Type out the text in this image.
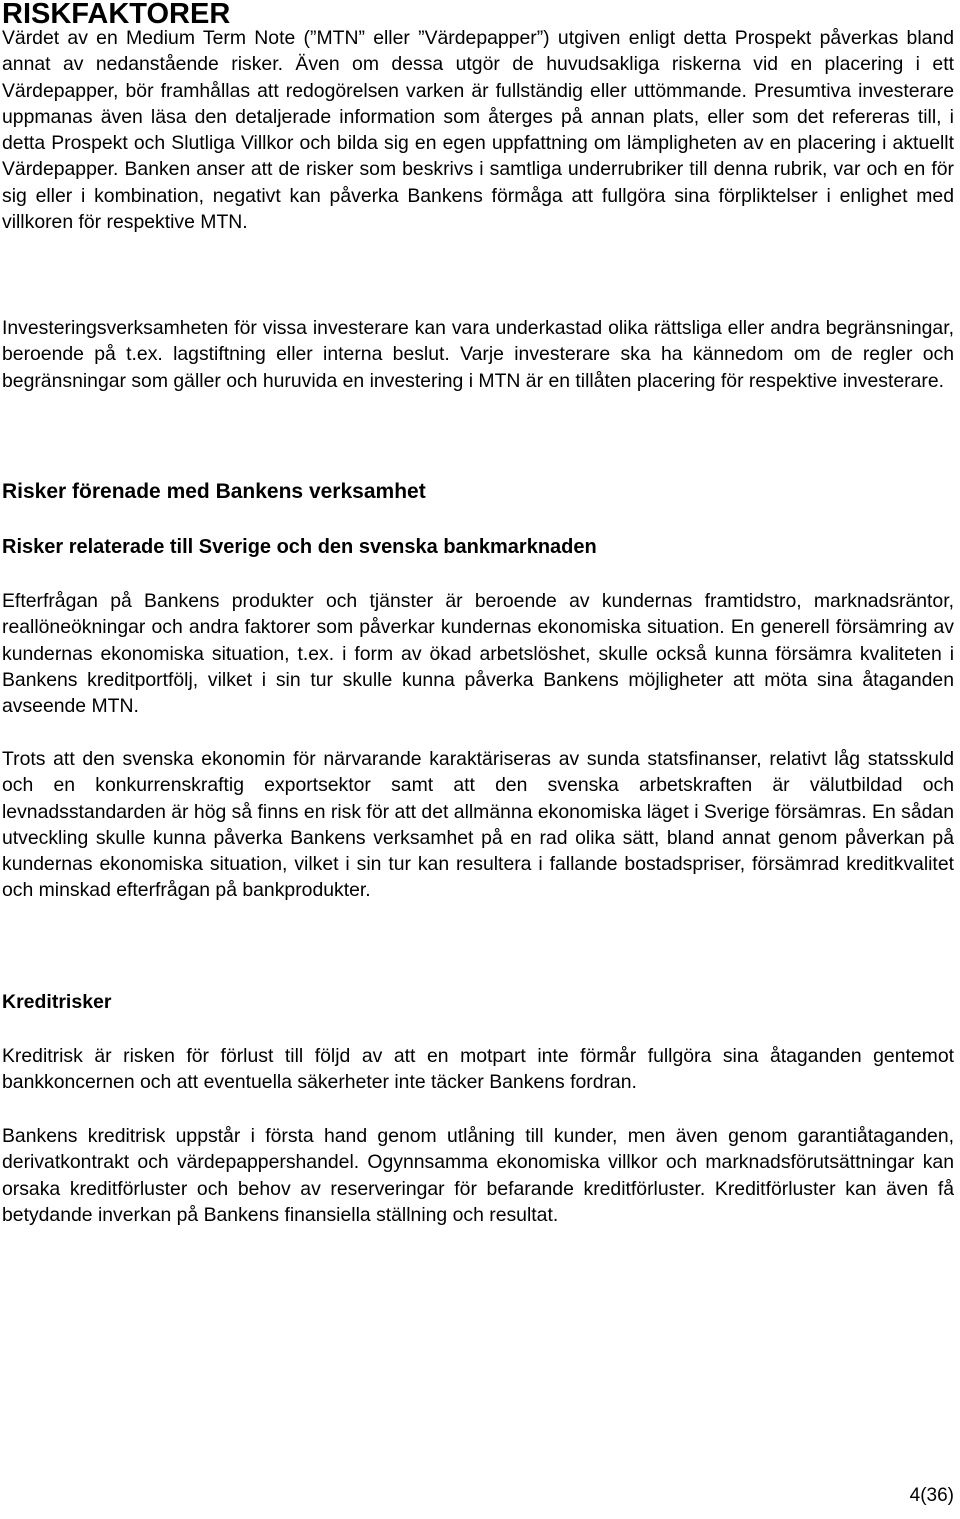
RISKFAKTORER

Värdet av en Medium Term Note (”MTN” eller ”Värdepapper”) utgiven enligt detta Prospekt påverkas bland annat av nedanstående risker. Även om dessa utgör de huvudsakliga riskerna vid en placering i ett Värdepapper, bör framhållas att redogörelsen varken är fullständig eller uttömmande. Presumtiva investerare uppmanas även läsa den detaljerade information som återges på annan plats, eller som det refereras till, i detta Prospekt och Slutliga Villkor och bilda sig en egen uppfattning om lämpligheten av en placering i aktuellt Värdepapper. Banken anser att de risker som beskrivs i samtliga underrubriker till denna rubrik, var och en för sig eller i kombination, negativt kan påverka Bankens förmåga att fullgöra sina förpliktelser i enlighet med villkoren för respektive MTN.

Investeringsverksamheten för vissa investerare kan vara underkastad olika rättsliga eller andra begränsningar, beroende på t.ex. lagstiftning eller interna beslut. Varje investerare ska ha kännedom om de regler och begränsningar som gäller och huruvida en investering i MTN är en tillåten placering för respektive investerare.

Risker förenade med Bankens verksamhet
Risker relaterade till Sverige och den svenska bankmarknaden

Efterfrågan på Bankens produkter och tjänster är beroende av kundernas framtidstro, marknadsräntor, reallöneökningar och andra faktorer som påverkar kundernas ekonomiska situation. En generell försämring av kundernas ekonomiska situation, t.ex. i form av ökad arbetslöshet, skulle också kunna försämra kvaliteten i Bankens kreditportfölj, vilket i sin tur skulle kunna påverka Bankens möjligheter att möta sina åtaganden avseende MTN.

Trots att den svenska ekonomin för närvarande karaktäriseras av sunda statsfinanser, relativt låg statsskuld och en konkurrenskraftig exportsektor samt att den svenska arbetskraften är välutbildad och levnadsstandarden är hög så finns en risk för att det allmänna ekonomiska läget i Sverige försämras. En sådan utveckling skulle kunna påverka Bankens verksamhet på en rad olika sätt, bland annat genom påverkan på kundernas ekonomiska situation, vilket i sin tur kan resultera i fallande bostadspriser, försämrad kreditkvalitet och minskad efterfrågan på bankprodukter.

Kreditrisker

Kreditrisk är risken för förlust till följd av att en motpart inte förmår fullgöra sina åtaganden gentemot bankkoncernen och att eventuella säkerheter inte täcker Bankens fordran.

Bankens kreditrisk uppstår i första hand genom utlåning till kunder, men även genom garantiåtaganden, derivatkontrakt och värdepappershandel. Ogynnsamma ekonomiska villkor och marknadsförutsättningar kan orsaka kreditförluster och behov av reserveringar för befarande kreditförluster. Kreditförluster kan även få betydande inverkan på Bankens finansiella ställning och resultat.

4(36)
